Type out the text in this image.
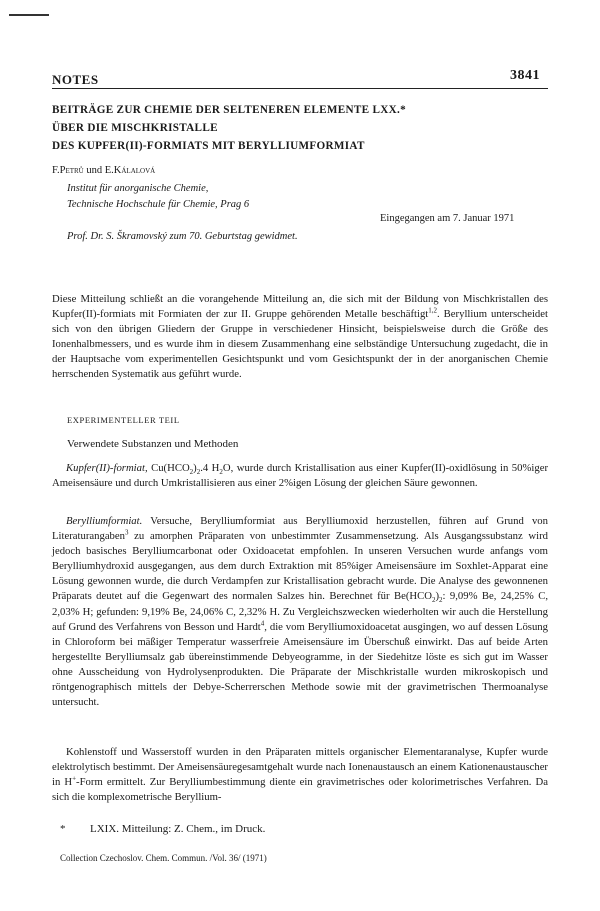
NOTES	3841
BEITRÄGE ZUR CHEMIE DER SELTENEREN ELEMENTE LXX.*
ÜBER DIE MISCHKRISTALLE
DES KUPFER(II)-FORMIATS MIT BERYLLIUMFORMIAT
F.Petrů und E.Kálalová
Institut für anorganische Chemie,
Technische Hochschule für Chemie, Prag 6
Eingegangen am 7. Januar 1971
Prof. Dr. S. Škramovský zum 70. Geburtstag gewidmet.
Diese Mitteilung schließt an die vorangehende Mitteilung an, die sich mit der Bildung von Mischkristallen des Kupfer(II)-formiats mit Formiaten der zur II. Gruppe gehörenden Metalle beschäftigt$^{1,2}$. Beryllium unterscheidet sich von den übrigen Gliedern der Gruppe in verschiedener Hinsicht, beispielsweise durch die Größe des Ionenhalbmessers, und es wurde ihm in diesem Zusammenhang eine selbständige Untersuchung zugedacht, die in der Hauptsache vom experimentellen Gesichtspunkt und vom Gesichtspunkt der in der anorganischen Chemie herrschenden Systematik aus geführt wurde.
EXPERIMENTELLER TEIL
Verwendete Substanzen und Methoden
Kupfer(II)-formiat, $Cu(HCO_2)_2.4$ $H_2O$, wurde durch Kristallisation aus einer Kupfer(II)-oxidlösung in 50%iger Ameisensäure und durch Umkristallisieren aus einer 2%igen Lösung der gleichen Säure gewonnen.
Berylliumformiat. Versuche, Berylliumformiat aus Berylliumoxid herzustellen, führen auf Grund von Literaturangaben$^3$ zu amorphen Präparaten von unbestimmter Zusammensetzung. Als Ausgangssubstanz wird jedoch basisches Berylliumcarbonat oder Oxidoacetat empfohlen. In unseren Versuchen wurde anfangs vom Berylliumhydroxid ausgegangen, aus dem durch Extraktion mit 85%iger Ameisensäure im Soxhlet-Apparat eine Lösung gewonnen wurde, die durch Verdampfen zur Kristallisation gebracht wurde. Die Analyse des gewonnenen Präparats deutet auf die Gegenwart des normalen Salzes hin. Berechnet für $Be(HCO_2)_2$: 9,09% Be, 24,25% C, 2,03% H; gefunden: 9,19% Be, 24,06% C, 2,32% H. Zu Vergleichszwecken wiederholten wir auch die Herstellung auf Grund des Verfahrens von Besson und Hardt$^4$, die vom Berylliumoxidoacetat ausgingen, wo auf dessen Lösung in Chloroform bei mäßiger Temperatur wasserfreie Ameisensäure im Überschuß einwirkt. Das auf beide Arten hergestellte Berylliumsalz gab übereinstimmende Debyeogramme, in der Siedehitze löste es sich gut im Wasser ohne Ausscheidung von Hydrolysenprodukten. Die Präparate der Mischkristalle wurden mikroskopisch und röntgenographisch mittels der Debye-Scherrerschen Methode sowie mit der gravimetrischen Thermoanalyse untersucht.
Kohlenstoff und Wasserstoff wurden in den Präparaten mittels organischer Elementaranalyse, Kupfer wurde elektrolytisch bestimmt. Der Ameisensäuregesamtgehalt wurde nach Ionenaustausch an einem Kationenaustauscher in H+-Form ermittelt. Zur Berylliumbestimmung diente ein gravimetrisches oder kolorimetrisches Verfahren. Da sich die komplexometrische Beryllium-
* LXIX. Mitteilung: Z. Chem., im Druck.
Collection Czechoslov. Chem. Commun. /Vol. 36/ (1971)
